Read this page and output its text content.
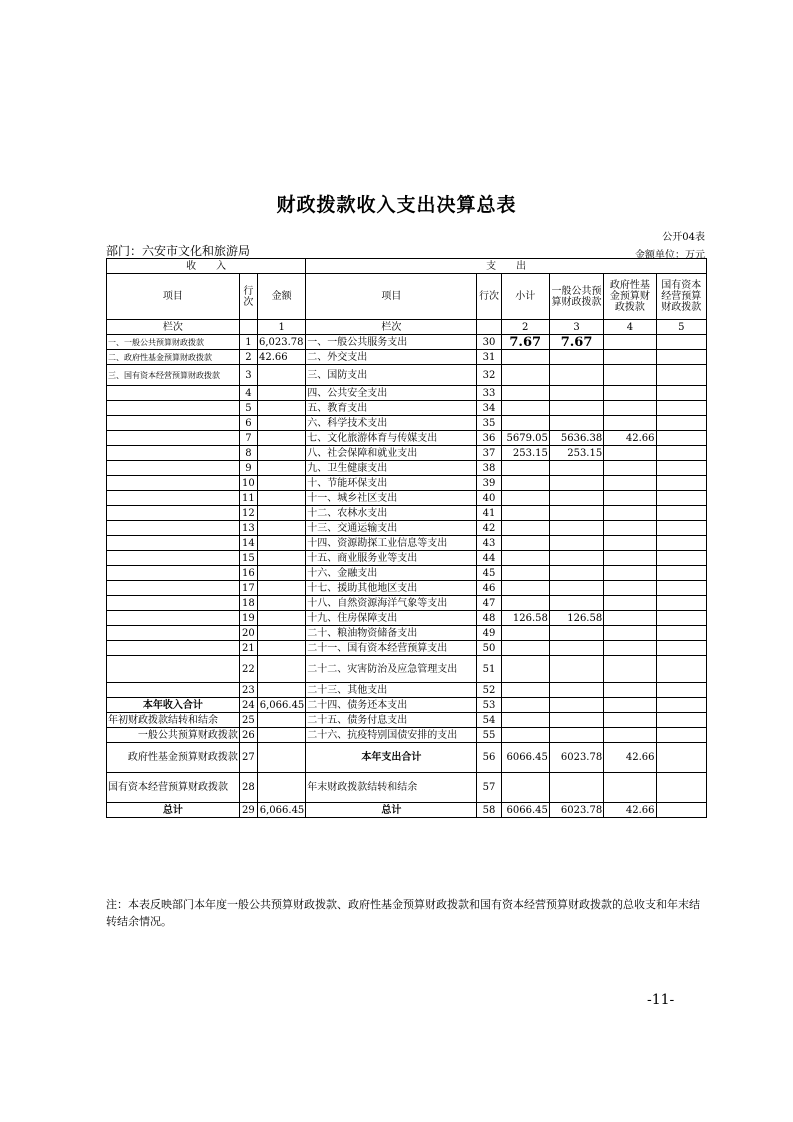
财政拨款收入支出决算总表
公开04表
部门：六安市文化和旅游局	金额单位：万元
收　　入			支　　出					
项目	行次	金额	项目	行次	小计	一般公共预算财政拨款	政府性基金预算财政拨款	国有资本经营预算财政拨款
栏次		1	栏次		2	3	4	5
一、一般公共预算财政拨款	1	6,023.78	一、一般公共服务支出	30	7.67	7.67		
二、政府性基金预算财政拨款	2	42.66	二、外交支出	31				
三、国有资本经营预算财政拨款	3		三、国防支出	32				
	4		四、公共安全支出	33				
	5		五、教育支出	34				
	6		六、科学技术支出	35				
	7		七、文化旅游体育与传媒支出	36	5679.05	5636.38	42.66	
	8		八、社会保障和就业支出	37	253.15	253.15		
	9		九、卫生健康支出	38				
	10		十、节能环保支出	39				
	11		十一、城乡社区支出	40				
	12		十二、农林水支出	41				
	13		十三、交通运输支出	42				
	14		十四、资源勘探工业信息等支出	43				
	15		十五、商业服务业等支出	44				
	16		十六、金融支出	45				
	17		十七、援助其他地区支出	46				
	18		十八、自然资源海洋气象等支出	47				
	19		十九、住房保障支出	48	126.58	126.58		
	20		二十、粮油物资储备支出	49				
	21		二十一、国有资本经营预算支出	50				
	22		二十二、灾害防治及应急管理支出	51				
	23		二十三、其他支出	52				
本年收入合计	24	6,066.45	二十四、债务还本支出	53				
年初财政拨款结转和结余	25		二十五、债务付息支出	54				
一般公共预算财政拨款	26		二十六、抗疫特别国债安排的支出	55				
政府性基金预算财政拨款	27		本年支出合计	56	6066.45	6023.78	42.66	
国有资本经营预算财政拨款	28		年末财政拨款结转和结余	57				
总计	29	6,066.45	总计	58	6066.45	6023.78	42.66	
注：本表反映部门本年度一般公共预算财政拨款、政府性基金预算财政拨款和国有资本经营预算财政拨款的总收支和年末结转结余情况。
-11-
